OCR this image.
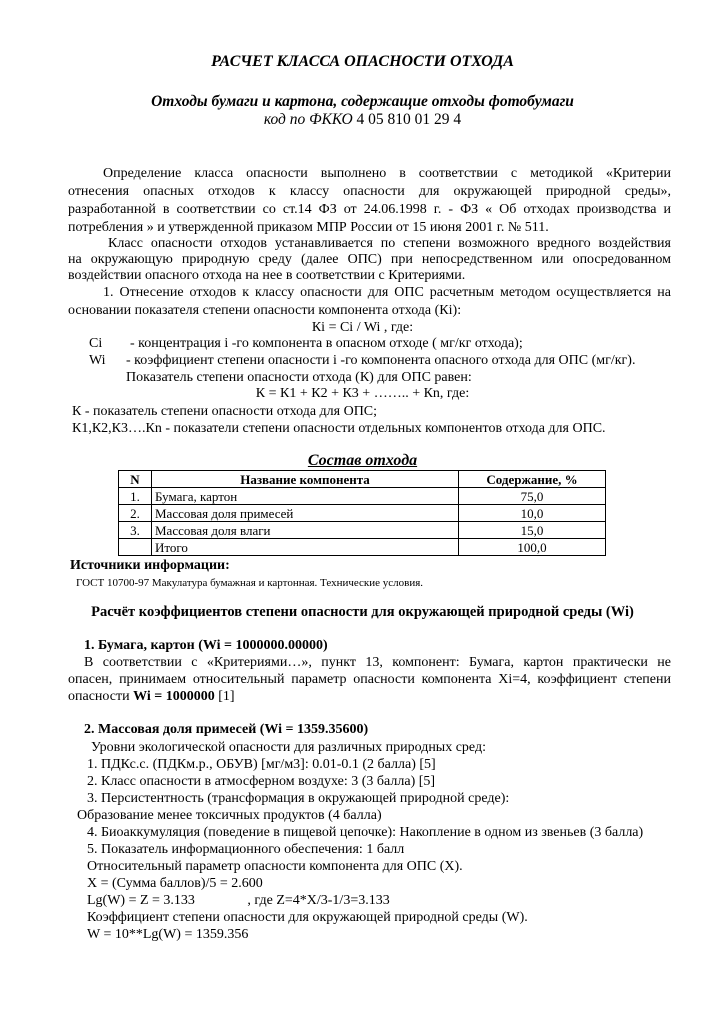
РАСЧЕТ КЛАССА ОПАСНОСТИ ОТХОДА
Отходы бумаги и картона, содержащие отходы фотобумаги
код по ФККО 4 05 810 01 29 4
Определение класса опасности выполнено в соответствии с методикой «Критерии
отнесения опасных отходов к классу опасности для окружающей природной среды»,
разработанной в соответствии со ст.14 ФЗ от 24.06.1998 г. - ФЗ « Об отходах производства и
потребления » и утвержденной приказом МПР России от 15 июня 2001 г. № 511.
Класс опасности отходов устанавливается по степени возможного вредного воздействия
на окружающую природную среду (далее ОПС) при непосредственном или опосредованном
воздействии опасного отхода на нее в соответствии с Критериями.
1. Отнесение отходов к классу опасности для ОПС расчетным методом осуществляется на
основании показателя степени опасности компонента отхода (Кi):
Кi = Ci / Wi , где:
Ci - концентрация i -го компонента в опасном отходе ( мг/кг отхода);
Wi - коэффициент степени опасности i -го компонента опасного отхода для ОПС (мг/кг).
Показатель степени опасности отхода (К) для ОПС равен:
К = К1 + К2 + К3 + …….. + Кn, где:
К - показатель степени опасности отхода для ОПС;
К1,К2,К3….Кn - показатели степени опасности отдельных компонентов отхода для ОПС.
Состав отхода
N	Название компонента	Содержание, %
1.	Бумага, картон	75,0
2.	Массовая доля примесей	10,0
3.	Массовая доля влаги	15,0
	Итого	100,0
Источники информации:
ГОСТ 10700-97 Макулатура бумажная и картонная. Технические условия.
Расчёт коэффициентов степени опасности для окружающей природной среды (Wi)
1. Бумага, картон (Wi = 1000000.00000)
В соответствии с «Критериями…», пункт 13, компонент: Бумага, картон практически не
опасен, принимаем относительный параметр опасности компонента Xi=4, коэффициент степени
опасности Wi = 1000000 [1]
2. Массовая доля примесей (Wi = 1359.35600)
Уровни экологической опасности для различных природных сред:
1. ПДКс.с. (ПДКм.р., ОБУВ) [мг/м3]: 0.01-0.1 (2 балла) [5]
2. Класс опасности в атмосферном воздухе: 3 (3 балла) [5]
3. Персистентность (трансформация в окружающей природной среде):
Образование менее токсичных продуктов (4 балла)
4. Биоаккумуляция (поведение в пищевой цепочке): Накопление в одном из звеньев (3 балла)
5. Показатель информационного обеспечения: 1 балл
Относительный параметр опасности компонента для ОПС (X).
X = (Сумма баллов)/5 = 2.600
Lg(W) = Z = 3.133               , где Z=4*X/3-1/3=3.133
Коэффициент степени опасности для окружающей природной среды (W).
W = 10**Lg(W) = 1359.356
